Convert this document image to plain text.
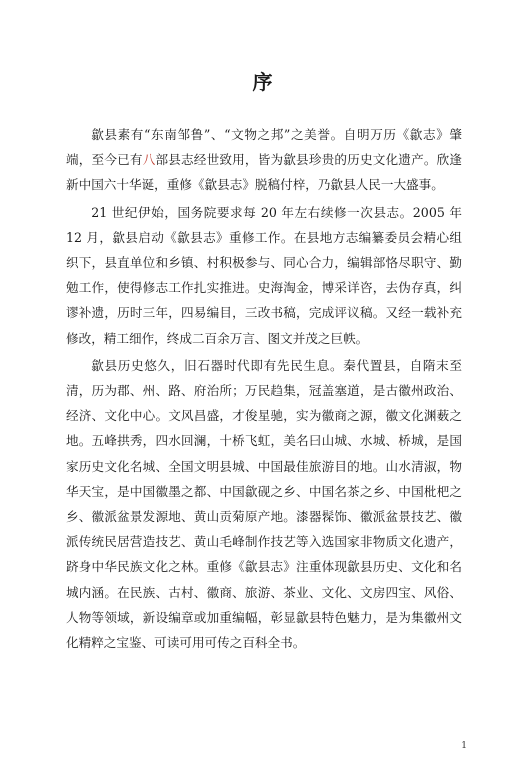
序

歙县素有“东南邹鲁”、“文物之邦”之美誉。自明万历《歙志》肇端，至今已有八部县志经世致用，皆为歙县珍贵的历史文化遗产。欣逢新中国六十华诞，重修《歙县志》脱稿付梓，乃歙县人民一大盛事。

21 世纪伊始，国务院要求每 20 年左右续修一次县志。2005 年 12 月，歙县启动《歙县志》重修工作。在县地方志编纂委员会精心组织下，县直单位和乡镇、村积极参与、同心合力，编辑部恪尽职守、勤勉工作，使得修志工作扎实推进。史海淘金，博采详咨，去伪存真，纠谬补遗，历时三年，四易编目，三改书稿，完成评议稿。又经一载补充修改，精工细作，终成二百余万言、图文并茂之巨帙。

歙县历史悠久，旧石器时代即有先民生息。秦代置县，自隋末至清，历为郡、州、路、府治所；万民趋集，冠盖塞道，是古徽州政治、经济、文化中心。文风昌盛，才俊星驰，实为徽商之源，徽文化渊薮之地。五峰拱秀，四水回澜，十桥飞虹，美名曰山城、水城、桥城，是国家历史文化名城、全国文明县城、中国最佳旅游目的地。山水清淑，物华天宝，是中国徽墨之都、中国歙砚之乡、中国名茶之乡、中国枇杷之乡、徽派盆景发源地、黄山贡菊原产地。漆器髹饰、徽派盆景技艺、徽派传统民居营造技艺、黄山毛峰制作技艺等入选国家非物质文化遗产，跻身中华民族文化之林。重修《歙县志》注重体现歙县历史、文化和名城内涵。在民族、古村、徽商、旅游、茶业、文化、文房四宝、风俗、人物等领域，新设编章或加重编幅，彰显歙县特色魅力，是为集徽州文化精粹之宝鉴、可读可用可传之百科全书。

1
